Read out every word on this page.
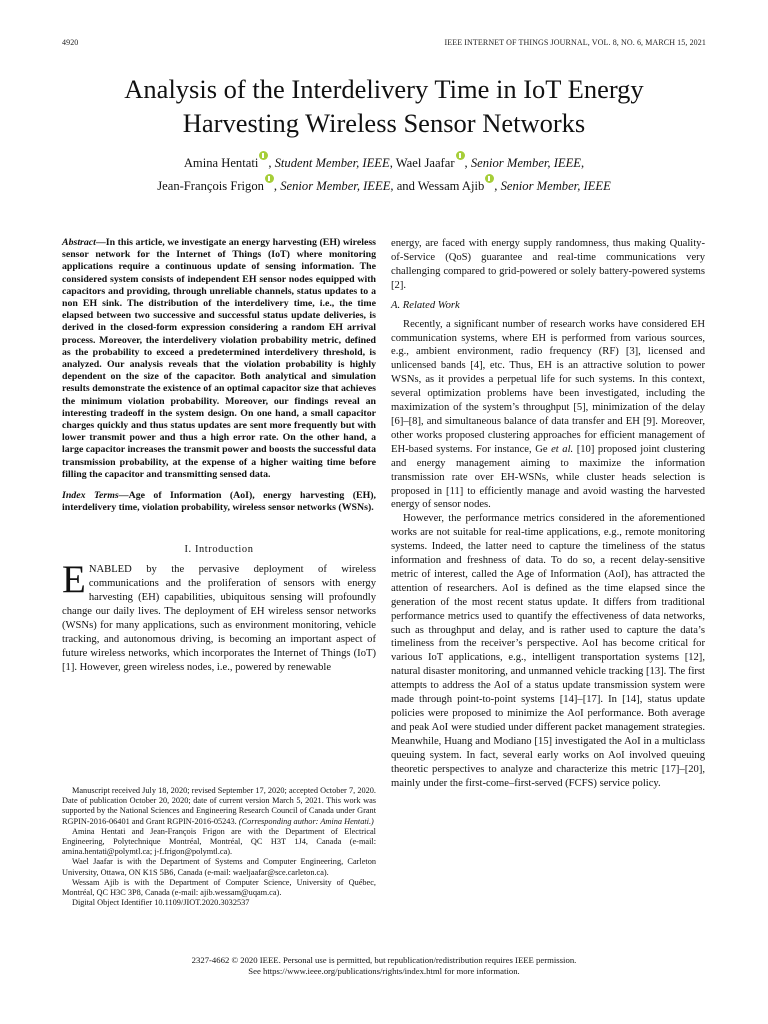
4920	IEEE INTERNET OF THINGS JOURNAL, VOL. 8, NO. 6, MARCH 15, 2021
Analysis of the Interdelivery Time in IoT Energy
Harvesting Wireless Sensor Networks
Amina Hentati , Student Member, IEEE, Wael Jaafar , Senior Member, IEEE,
Jean-François Frigon , Senior Member, IEEE, and Wessam Ajib , Senior Member, IEEE

Abstract—In this article, we investigate an energy harvesting (EH) wireless sensor network for the Internet of Things (IoT) where monitoring applications require a continuous update of sensing information. The considered system consists of independent EH sensor nodes equipped with capacitors and providing, through unreliable channels, status updates to a non EH sink. The distribution of the interdelivery time, i.e., the time elapsed between two successive and successful status update deliveries, is derived in the closed-form expression considering a random EH arrival process. Moreover, the interdelivery violation probability metric, defined as the probability to exceed a predetermined interdelivery threshold, is analyzed. Our analysis reveals that the violation probability is highly dependent on the size of the capacitor. Both analytical and simulation results demonstrate the existence of an optimal capacitor size that achieves the minimum violation probability. Moreover, our findings reveal an interesting tradeoff in the system design. On one hand, a small capacitor charges quickly and thus status updates are sent more frequently but with lower transmit power and thus a high error rate. On the other hand, a large capacitor increases the transmit power and boosts the successful data transmission probability, at the expense of a higher waiting time before filling the capacitor and transmitting sensed data.

Index Terms—Age of Information (AoI), energy harvesting (EH), interdelivery time, violation probability, wireless sensor networks (WSNs).

I. Introduction

ENABLED by the pervasive deployment of wireless communications and the proliferation of sensors with energy harvesting (EH) capabilities, ubiquitous sensing will profoundly change our daily lives. The deployment of EH wireless sensor networks (WSNs) for many applications, such as environment monitoring, vehicle tracking, and autonomous driving, is becoming an important aspect of future wireless networks, which incorporates the Internet of Things (IoT) [1]. However, green wireless nodes, i.e., powered by renewable

Manuscript received July 18, 2020; revised September 17, 2020; accepted October 7, 2020. Date of publication October 20, 2020; date of current version March 5, 2021. This work was supported by the National Sciences and Engineering Research Council of Canada under Grant RGPIN-2016-06401 and Grant RGPIN-2016-05243. (Corresponding author: Amina Hentati.)

Amina Hentati and Jean-François Frigon are with the Department of Electrical Engineering, Polytechnique Montréal, Montréal, QC H3T 1J4, Canada (e-mail: amina.hentati@polymtl.ca; j-f.frigon@polymtl.ca).

Wael Jaafar is with the Department of Systems and Computer Engineering, Carleton University, Ottawa, ON K1S 5B6, Canada (e-mail: waeljaafar@sce.carleton.ca).

Wessam Ajib is with the Department of Computer Science, University of Québec, Montréal, QC H3C 3P8, Canada (e-mail: ajib.wessam@uqam.ca).

Digital Object Identifier 10.1109/JIOT.2020.3032537

energy, are faced with energy supply randomness, thus making Quality-of-Service (QoS) guarantee and real-time communications very challenging compared to grid-powered or solely battery-powered systems [2].

A. Related Work

Recently, a significant number of research works have considered EH communication systems, where EH is performed from various sources, e.g., ambient environment, radio frequency (RF) [3], licensed and unlicensed bands [4], etc. Thus, EH is an attractive solution to power WSNs, as it provides a perpetual life for such systems. In this context, several optimization problems have been investigated, including the maximization of the system’s throughput [5], minimization of the delay [6]–[8], and simultaneous balance of data transfer and EH [9]. Moreover, other works proposed clustering approaches for efficient management of EH-based systems. For instance, Ge et al. [10] proposed joint clustering and energy management aiming to maximize the information transmission rate over EH-WSNs, while cluster heads selection is proposed in [11] to efficiently manage and avoid wasting the harvested energy of sensor nodes.

However, the performance metrics considered in the aforementioned works are not suitable for real-time applications, e.g., remote monitoring systems. Indeed, the latter need to capture the timeliness of the status information and freshness of data. To do so, a recent delay-sensitive metric of interest, called the Age of Information (AoI), has attracted the attention of researchers. AoI is defined as the time elapsed since the generation of the most recent status update. It differs from traditional performance metrics used to quantify the effectiveness of data networks, such as throughput and delay, and is rather used to capture the data’s timeliness from the receiver’s perspective. AoI has become critical for various IoT applications, e.g., intelligent transportation systems [12], natural disaster monitoring, and unmanned vehicle tracking [13]. The first attempts to address the AoI of a status update transmission system were made through point-to-point systems [14]–[17]. In [14], status update policies were proposed to minimize the AoI performance. Both average and peak AoI were studied under different packet management strategies. Meanwhile, Huang and Modiano [15] investigated the AoI in a multiclass queuing system. In fact, several early works on AoI involved queuing theoretic perspectives to analyze and characterize this metric [17]–[20], mainly under the first-come–first-served (FCFS) service policy.

2327-4662 © 2020 IEEE. Personal use is permitted, but republication/redistribution requires IEEE permission.
See https://www.ieee.org/publications/rights/index.html for more information.
